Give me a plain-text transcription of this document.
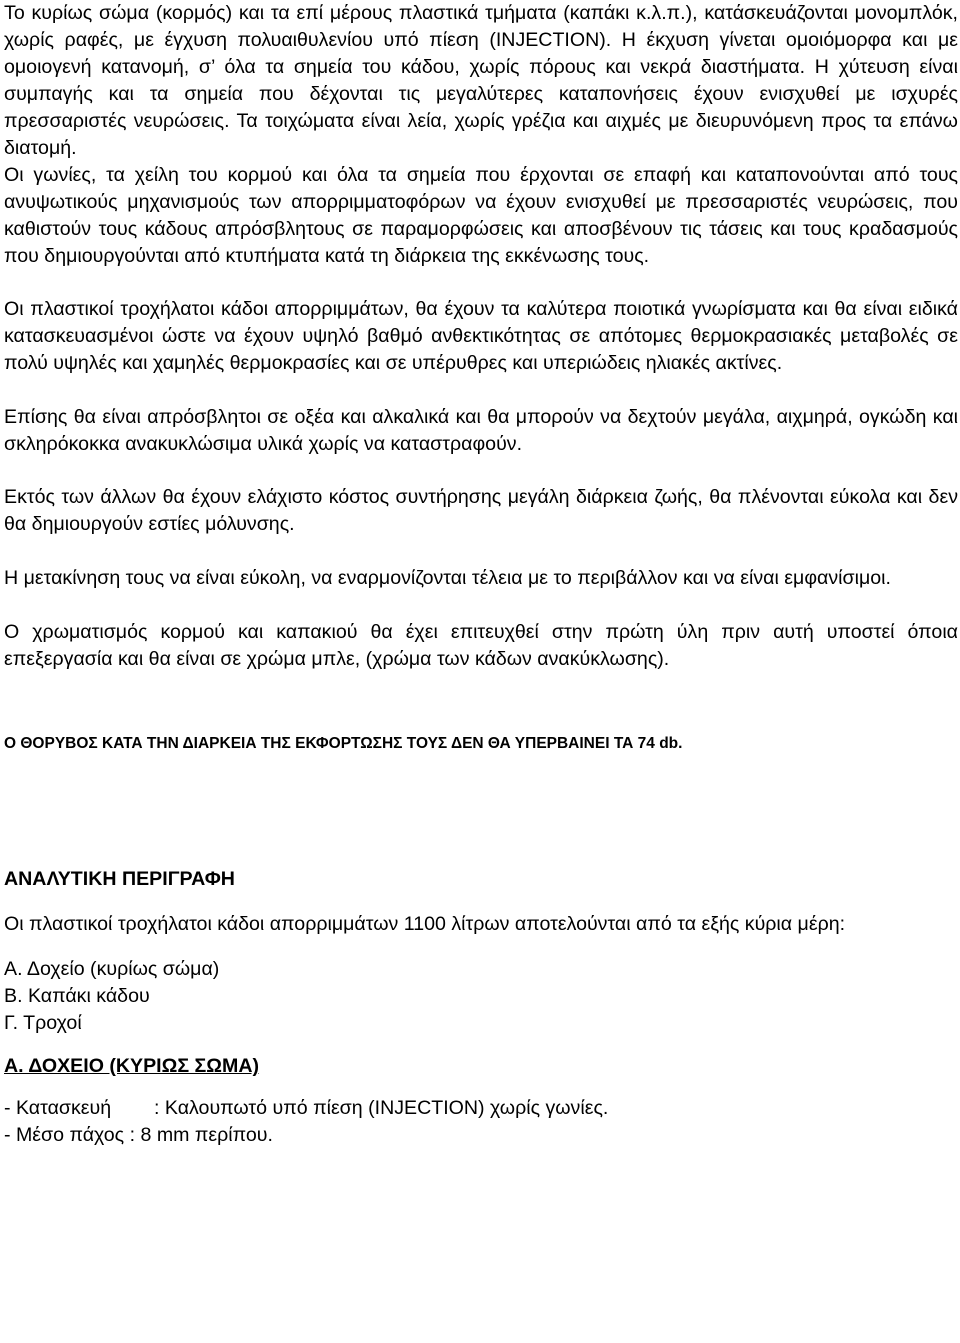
Το κυρίως σώμα (κορμός) και τα επί μέρους πλαστικά τμήματα (καπάκι κ.λ.π.), κατάσκευάζονται μονομπλόκ, χωρίς ραφές, με έγχυση πολυαιθυλενίου υπό πίεση (INJECTION). Η έκχυση γίνεται ομοιόμορφα και με ομοιογενή κατανομή, σ’ όλα τα σημεία του κάδου, χωρίς πόρους και νεκρά διαστήματα. Η χύτευση είναι συμπαγής και τα σημεία που δέχονται τις μεγαλύτερες καταπονήσεις έχουν ενισχυθεί με ισχυρές πρεσσαριστές νευρώσεις. Τα τοιχώματα είναι λεία, χωρίς γρέζια και αιχμές με διευρυνόμενη προς τα επάνω διατομή.

Οι γωνίες, τα χείλη του κορμού και όλα τα σημεία που έρχονται σε επαφή και καταπονούνται από τους ανυψωτικούς μηχανισμούς των απορριμματοφόρων να έχουν ενισχυθεί με πρεσσαριστές νευρώσεις, που καθιστούν τους κάδους απρόσβλητους σε παραμορφώσεις και αποσβένουν τις τάσεις και τους κραδασμούς που δημιουργούνται από κτυπήματα κατά τη διάρκεια της εκκένωσης τους.

Οι πλαστικοί τροχήλατοι κάδοι απορριμμάτων, θα έχουν τα καλύτερα ποιοτικά γνωρίσματα και θα είναι ειδικά κατασκευασμένοι ώστε να έχουν υψηλό βαθμό ανθεκτικότητας σε απότομες θερμοκρασιακές μεταβολές σε πολύ υψηλές και χαμηλές θερμοκρασίες και σε υπέρυθρες και υπεριώδεις ηλιακές ακτίνες.

Επίσης θα είναι απρόσβλητοι σε οξέα και αλκαλικά και θα μπορούν να δεχτούν μεγάλα, αιχμηρά, ογκώδη και σκληρόκοκκα ανακυκλώσιμα υλικά χωρίς να καταστραφούν.

Εκτός των άλλων θα έχουν ελάχιστο κόστος συντήρησης μεγάλη διάρκεια ζωής, θα πλένονται εύκολα και δεν θα δημιουργούν εστίες μόλυνσης.

Η μετακίνηση τους να είναι εύκολη, να εναρμονίζονται τέλεια με το περιβάλλον και να είναι εμφανίσιμοι.

Ο χρωματισμός κορμού και καπακιού θα έχει επιτευχθεί στην πρώτη ύλη πριν αυτή υποστεί όποια επεξεργασία και θα είναι σε χρώμα μπλε, (χρώμα των κάδων ανακύκλωσης).

Ο ΘΟΡΥΒΟΣ ΚΑΤΑ ΤΗΝ ΔΙΑΡΚΕΙΑ ΤΗΣ ΕΚΦΟΡΤΩΣΗΣ ΤΟΥΣ ΔΕΝ ΘΑ ΥΠΕΡΒΑΙΝΕΙ ΤΑ 74 db.

ΑΝΑΛΥΤΙΚΗ ΠΕΡΙΓΡΑΦΗ

Οι πλαστικοί τροχήλατοι κάδοι απορριμμάτων 1100 λίτρων αποτελούνται από τα εξής κύρια μέρη:

Α. Δοχείο (κυρίως σώμα)
Β. Καπάκι κάδου
Γ. Τροχοί

Α. ΔΟΧΕΙΟ (ΚΥΡΙΩΣ ΣΩΜΑ)

- Κατασκευή : Καλουπωτό υπό πίεση (INJECTION) χωρίς γωνίες.
- Μέσο πάχος : 8 mm περίπου.
